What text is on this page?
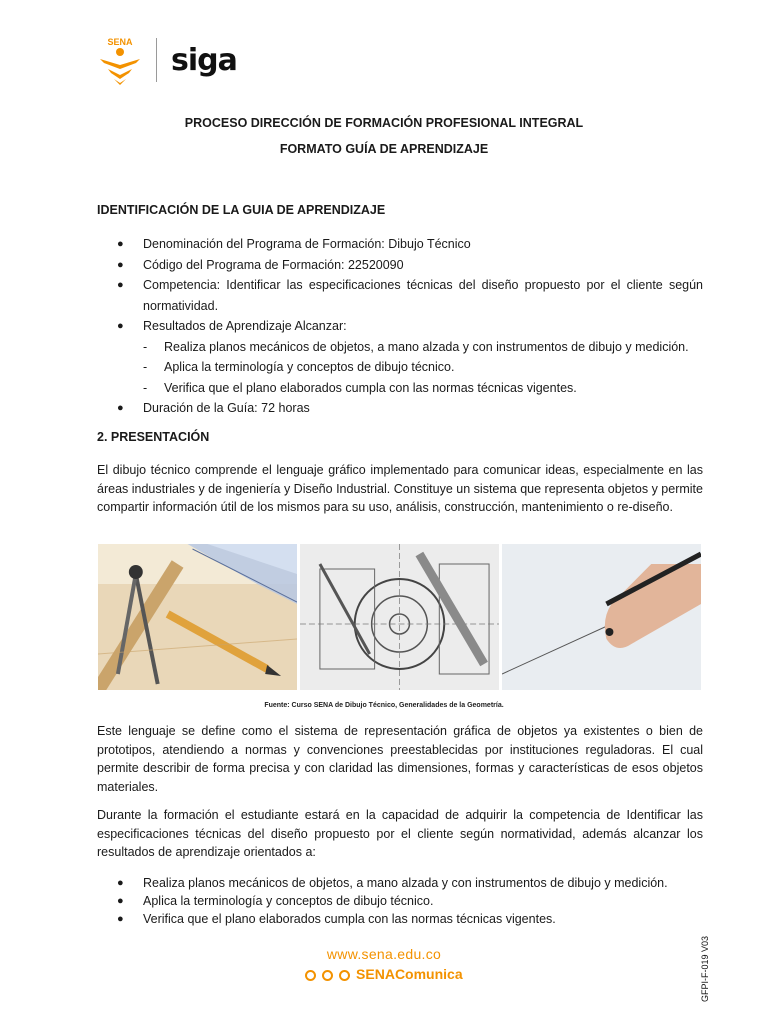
SENA
siga
PROCESO DIRECCIÓN DE FORMACIÓN PROFESIONAL INTEGRAL
FORMATO GUÍA DE APRENDIZAJE
IDENTIFICACIÓN DE LA GUIA DE APRENDIZAJE
●	Denominación del Programa de Formación: Dibujo Técnico
●	Código del Programa de Formación: 22520090
●	Competencia: Identificar las especificaciones técnicas del diseño propuesto por el cliente según normatividad.
●	Resultados de Aprendizaje Alcanzar:
-	Realiza planos mecánicos de objetos, a mano alzada y con instrumentos de dibujo y medición.
-	Aplica la terminología y conceptos de dibujo técnico.
-	Verifica que el plano elaborados cumpla con las normas técnicas vigentes.
●	Duración de la Guía: 72 horas
2. PRESENTACIÓN
El dibujo técnico comprende el lenguaje gráfico implementado para comunicar ideas, especialmente en las áreas industriales y de ingeniería y Diseño Industrial. Constituye un sistema que representa objetos y permite compartir información útil de los mismos para su uso, análisis, construcción, mantenimiento o re-diseño.
Fuente: Curso SENA de Dibujo Técnico, Generalidades de la Geometría.
Este lenguaje se define como el sistema de representación gráfica de objetos ya existentes o bien de prototipos, atendiendo a normas y convenciones preestablecidas por instituciones reguladoras. El cual permite describir de forma precisa y con claridad las dimensiones, formas y características de esos objetos materiales.
Durante la formación el estudiante estará en la capacidad de adquirir la competencia de Identificar las especificaciones técnicas del diseño propuesto por el cliente según normatividad, además alcanzar los resultados de aprendizaje orientados a:
●	Realiza planos mecánicos de objetos, a mano alzada y con instrumentos de dibujo y medición.
●	Aplica la terminología y conceptos de dibujo técnico.
●	Verifica que el plano elaborados cumpla con las normas técnicas vigentes.
www.sena.edu.co
SENAComunica	GFPI-F-019 V03
